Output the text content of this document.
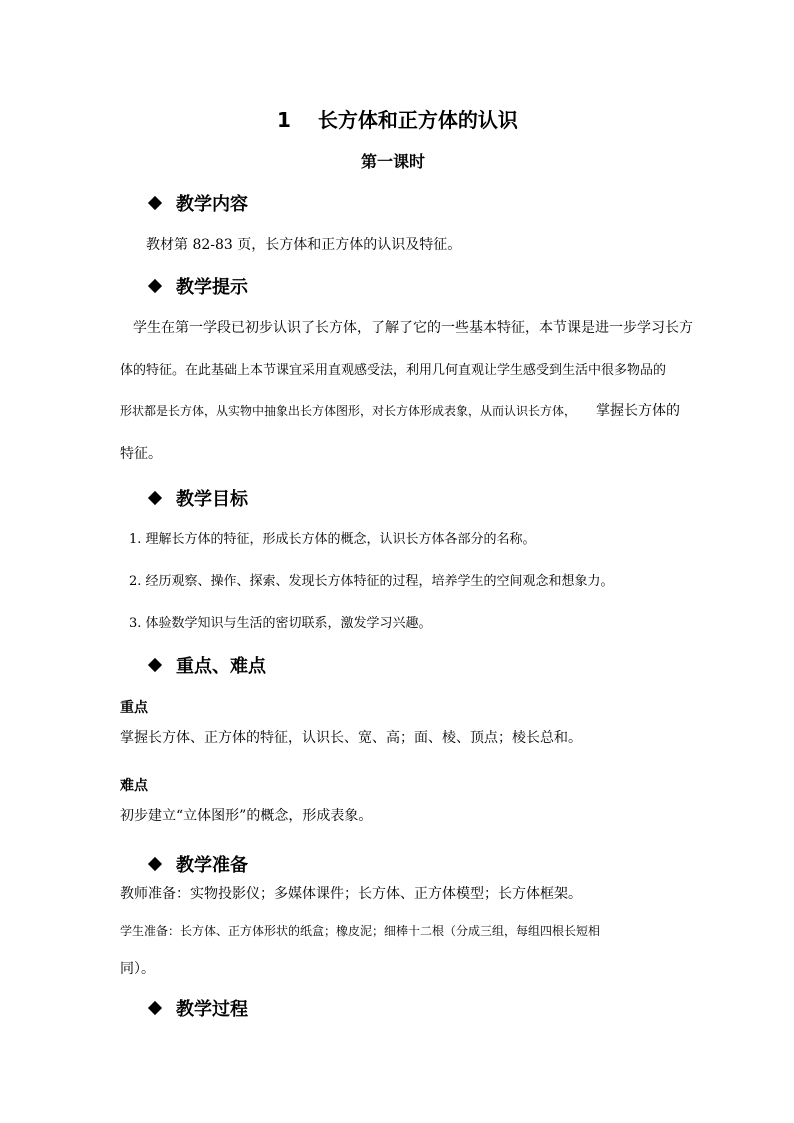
1　 长方体和正方体的认识
第一课时
教学内容
教材第 82-83 页，长方体和正方体的认识及特征。
教学提示
学生在第一学段已初步认识了长方体，了解了它的一些基本特征，本节课是进一步学习长方
体的特征。在此基础上本节课宜采用直观感受法，利用几何直观让学生感受到生活中很多物品的
形状都是长方体，从实物中抽象出长方体图形，对长方体形成表象，从而认识长方体， 掌握长方体的
特征。
教学目标
1. 理解长方体的特征，形成长方体的概念，认识长方体各部分的名称。
2. 经历观察、操作、探索、发现长方体特征的过程，培养学生的空间观念和想象力。
3. 体验数学知识与生活的密切联系，激发学习兴趣。
重点、难点
重点
掌握长方体、正方体的特征，认识长、宽、高；面、棱、顶点；棱长总和。
难点
初步建立“立体图形”的概念，形成表象。
教学准备
教师准备：实物投影仪；多媒体课件；长方体、正方体模型；长方体框架。
学生准备：长方体、正方体形状的纸盒；橡皮泥；细棒十二根（分成三组，每组四根长短相
同）。
教学过程
